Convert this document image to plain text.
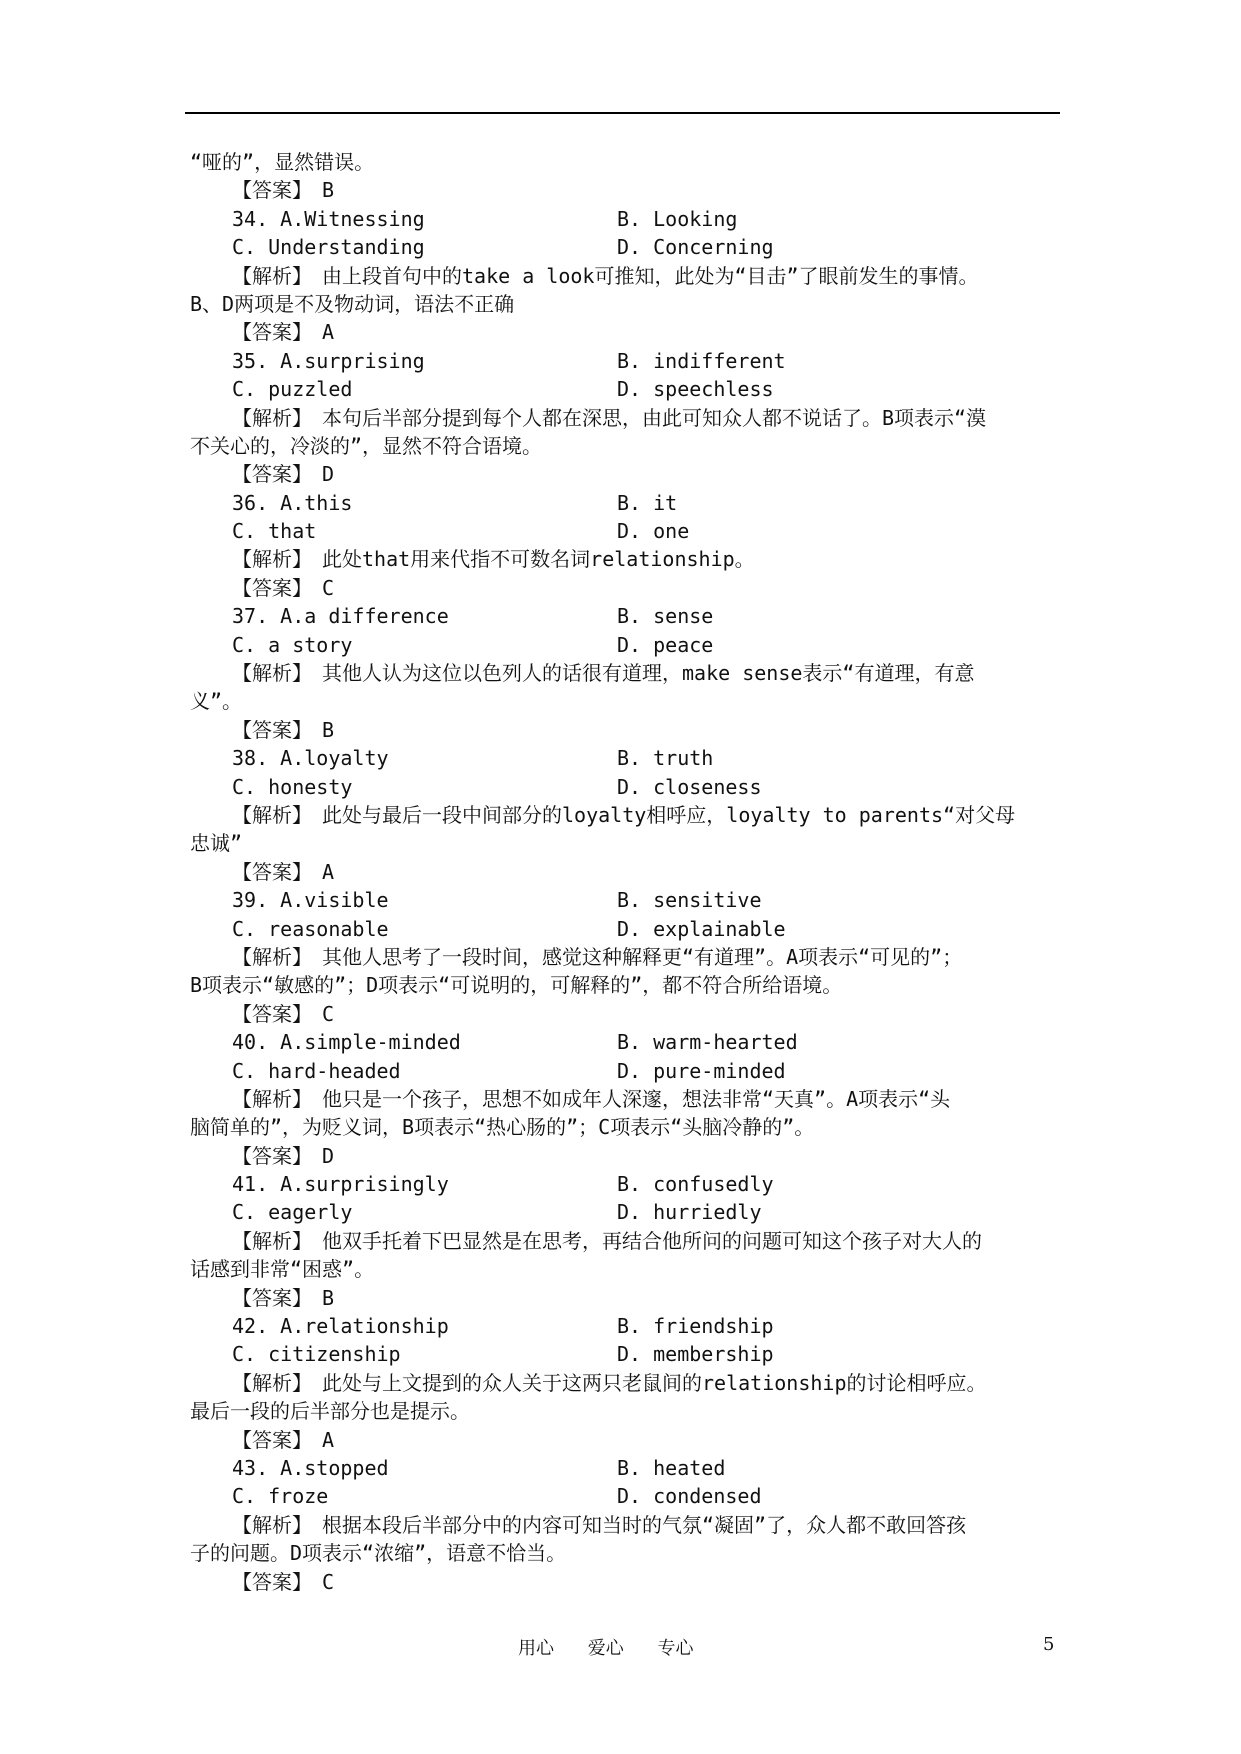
“哑的”，显然错误。
【答案】　B
34. A.Witnessing	B. Looking
C. Understanding	D. Concerning
【解析】　由上段首句中的take a look可推知，此处为“目击”了眼前发生的事情。
B、D两项是不及物动词，语法不正确
【答案】　A
35. A.surprising	B. indifferent
C. puzzled	D. speechless
【解析】　本句后半部分提到每个人都在深思，由此可知众人都不说话了。B项表示“漠
不关心的，冷淡的”，显然不符合语境。
【答案】　D
36. A.this	B. it
C. that	D. one
【解析】　此处that用来代指不可数名词relationship。
【答案】　C
37. A.a difference	B. sense
C. a story	D. peace
【解析】　其他人认为这位以色列人的话很有道理，make sense表示“有道理，有意
义”。
【答案】　B
38. A.loyalty	B. truth
C. honesty	D. closeness
【解析】　此处与最后一段中间部分的loyalty相呼应，loyalty to parents“对父母
忠诚”
【答案】　A
39. A.visible	B. sensitive
C. reasonable	D. explainable
【解析】　其他人思考了一段时间，感觉这种解释更“有道理”。A项表示“可见的”；
B项表示“敏感的”；D项表示“可说明的，可解释的”，都不符合所给语境。
【答案】　C
40. A.simple-minded	B. warm-hearted
C. hard-headed	D. pure-minded
【解析】　他只是一个孩子，思想不如成年人深邃，想法非常“天真”。A项表示“头
脑简单的”，为贬义词，B项表示“热心肠的”；C项表示“头脑冷静的”。
【答案】　D
41. A.surprisingly	B. confusedly
C. eagerly	D. hurriedly
【解析】　他双手托着下巴显然是在思考，再结合他所问的问题可知这个孩子对大人的
话感到非常“困惑”。
【答案】　B
42. A.relationship	B. friendship
C. citizenship	D. membership
【解析】　此处与上文提到的众人关于这两只老鼠间的relationship的讨论相呼应。
最后一段的后半部分也是提示。
【答案】　A
43. A.stopped	B. heated
C. froze	D. condensed
【解析】　根据本段后半部分中的内容可知当时的气氛“凝固”了，众人都不敢回答孩
子的问题。D项表示“浓缩”，语意不恰当。
【答案】　C
用心 爱心 专心	5
